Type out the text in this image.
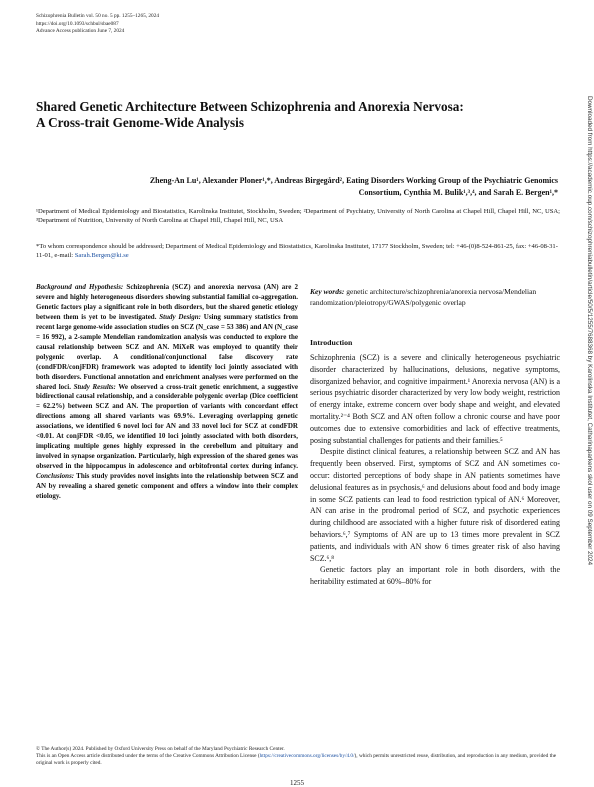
Schizophrenia Bulletin vol. 50 no. 5 pp. 1255–1265, 2024
https://doi.org/10.1093/schbul/sbae087
Advance Access publication June 7, 2024
Shared Genetic Architecture Between Schizophrenia and Anorexia Nervosa:
A Cross-trait Genome-Wide Analysis
Zheng-An Lu¹, Alexander Ploner¹,*, Andreas Birgegård², Eating Disorders Working Group of the Psychiatric Genomics
Consortium, Cynthia M. Bulik¹,³,⁴, and Sarah E. Bergen¹,*
¹Department of Medical Epidemiology and Biostatistics, Karolinska Institutet, Stockholm, Sweden; ²Department of Psychiatry, University of North Carolina at Chapel Hill, Chapel Hill, NC, USA; ³Department of Nutrition, University of North Carolina at Chapel Hill, Chapel Hill, NC, USA
*To whom correspondence should be addressed; Department of Medical Epidemiology and Biostatistics, Karolinska Institutet, 17177 Stockholm, Sweden; tel: +46-(0)8-524-861-25, fax: +46-08-31-11-01, e-mail: Sarah.Bergen@ki.se
Background and Hypothesis: Schizophrenia (SCZ) and anorexia nervosa (AN) are 2 severe and highly heterogeneous disorders showing substantial familial co-aggregation. Genetic factors play a significant role in both disorders, but the shared genetic etiology between them is yet to be investigated. Study Design: Using summary statistics from recent large genome-wide association studies on SCZ (N_case = 53 386) and AN (N_case = 16 992), a 2-sample Mendelian randomization analysis was conducted to explore the causal relationship between SCZ and AN. MiXeR was employed to quantify their polygenic overlap. A conditional/conjunctional false discovery rate (condFDR/conjFDR) framework was adopted to identify loci jointly associated with both disorders. Functional annotation and enrichment analyses were performed on the shared loci. Study Results: We observed a cross-trait genetic enrichment, a suggestive bidirectional causal relationship, and a considerable polygenic overlap (Dice coefficient = 62.2%) between SCZ and AN. The proportion of variants with concordant effect directions among all shared variants was 69.9%. Leveraging overlapping genetic associations, we identified 6 novel loci for AN and 33 novel loci for SCZ at condFDR <0.01. At conjFDR <0.05, we identified 10 loci jointly associated with both disorders, implicating multiple genes highly expressed in the cerebellum and pituitary and involved in synapse organization. Particularly, high expression of the shared genes was observed in the hippocampus in adolescence and orbitofrontal cortex during infancy. Conclusions: This study provides novel insights into the relationship between SCZ and AN by revealing a shared genetic component and offers a window into their complex etiology.
Key words: genetic architecture/schizophrenia/anorexia nervosa/Mendelian randomization/pleiotropy/GWAS/polygenic overlap
Introduction

Schizophrenia (SCZ) is a severe and clinically heterogeneous psychiatric disorder characterized by hallucinations, delusions, negative symptoms, disorganized behavior, and cognitive impairment.¹ Anorexia nervosa (AN) is a serious psychiatric disorder characterized by very low body weight, restriction of energy intake, extreme concern over body shape and weight, and elevated mortality.²⁻⁴ Both SCZ and AN often follow a chronic course and have poor outcomes due to extensive comorbidities and lack of effective treatments, posing substantial challenges for patients and their families.⁵

Despite distinct clinical features, a relationship between SCZ and AN has frequently been observed. First, symptoms of SCZ and AN sometimes co-occur: distorted perceptions of body shape in AN patients sometimes have delusional features as in psychosis,⁶ and delusions about food and body image in some SCZ patients can lead to food restriction typical of AN.⁶ Moreover, AN can arise in the prodromal period of SCZ, and psychotic experiences during childhood are associated with a higher future risk of disordered eating behaviors.⁶,⁷ Symptoms of AN are up to 13 times more prevalent in SCZ patients, and individuals with AN show 6 times greater risk of also having SCZ.⁶,⁸

Genetic factors play an important role in both disorders, with the heritability estimated at 60%–80% for

© The Author(s) 2024. Published by Oxford University Press on behalf of the Maryland Psychiatric Research Center.
This is an Open Access article distributed under the terms of the Creative Commons Attribution License (https://creativecommons.org/licenses/by/4.0/), which permits unrestricted reuse, distribution, and reproduction in any medium, provided the original work is properly cited.
1255
Downloaded from https://academic.oup.com/schizophreniabulletin/article/50/5/1255/7688368 by Karolinska Institutet, Catharinaparkens skol user on 09 September 2024
